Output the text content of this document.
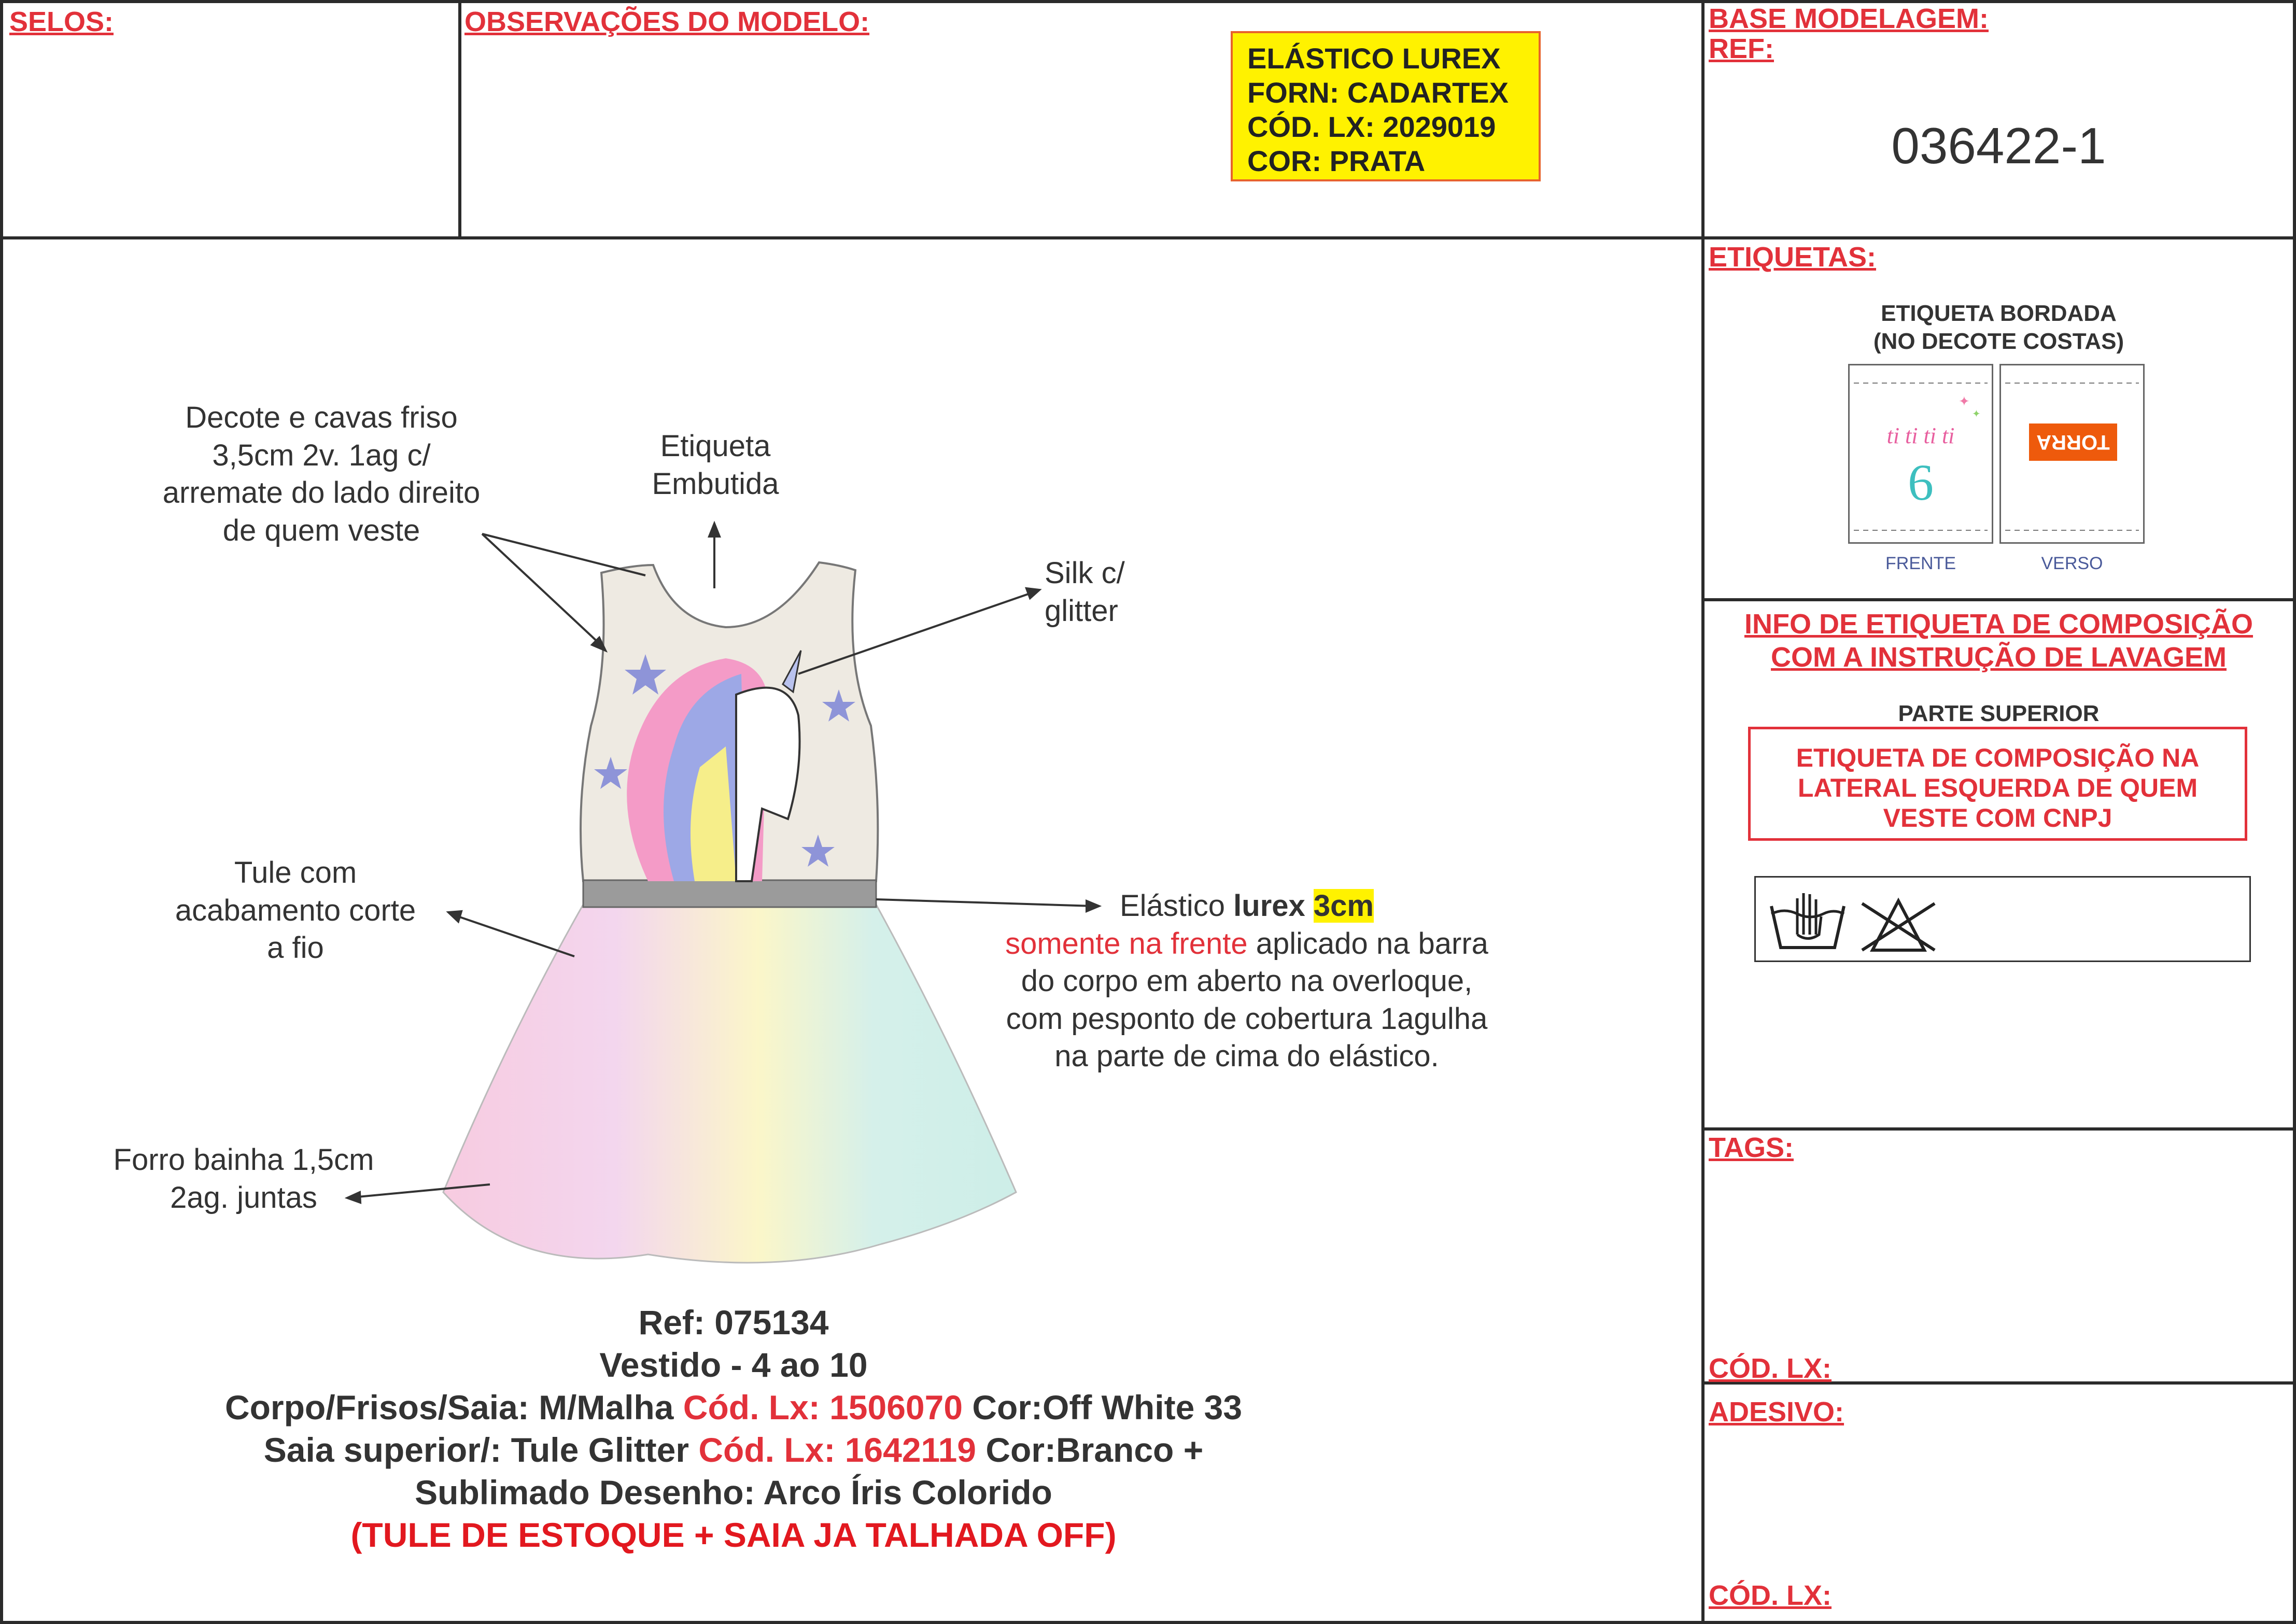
SELOS:	OBSERVAÇÕES DO MODELO:	BASE MODELAGEM:
REF:
ETIQUETAS:
TAGS:
CÓD. LX:
ADESIVO:
CÓD. LX:
ELÁSTICO LUREX
FORN: CADARTEX
CÓD. LX: 2029019
COR: PRATA	036422-1
ETIQUETA BORDADA
(NO DECOTE COSTAS)
✦
✦
ti ti ti ti
6
TORRA
FRENTE	VERSO
INFO DE ETIQUETA DE COMPOSIÇÃO
COM A INSTRUÇÃO DE LAVAGEM
PARTE SUPERIOR
ETIQUETA DE COMPOSIÇÃO NA
LATERAL ESQUERDA DE QUEM
VESTE COM CNPJ
Decote e cavas friso
3,5cm 2v. 1ag c/
arremate do lado direito
de quem veste
Etiqueta
Embutida
Silk c/
glitter
Tule com
acabamento corte
a fio
Forro bainha 1,5cm
2ag. juntas
Elástico lurex 3cm
somente na frente aplicado na barra
do corpo em aberto na overloque,
com pesponto de cobertura 1agulha
na parte de cima do elástico.
Ref: 075134
Vestido - 4 ao 10
Corpo/Frisos/Saia: M/Malha Cód. Lx: 1506070 Cor:Off White 33
Saia superior/: Tule Glitter Cód. Lx: 1642119 Cor:Branco +
Sublimado Desenho: Arco Íris Colorido
(TULE DE ESTOQUE + SAIA JA TALHADA OFF)
